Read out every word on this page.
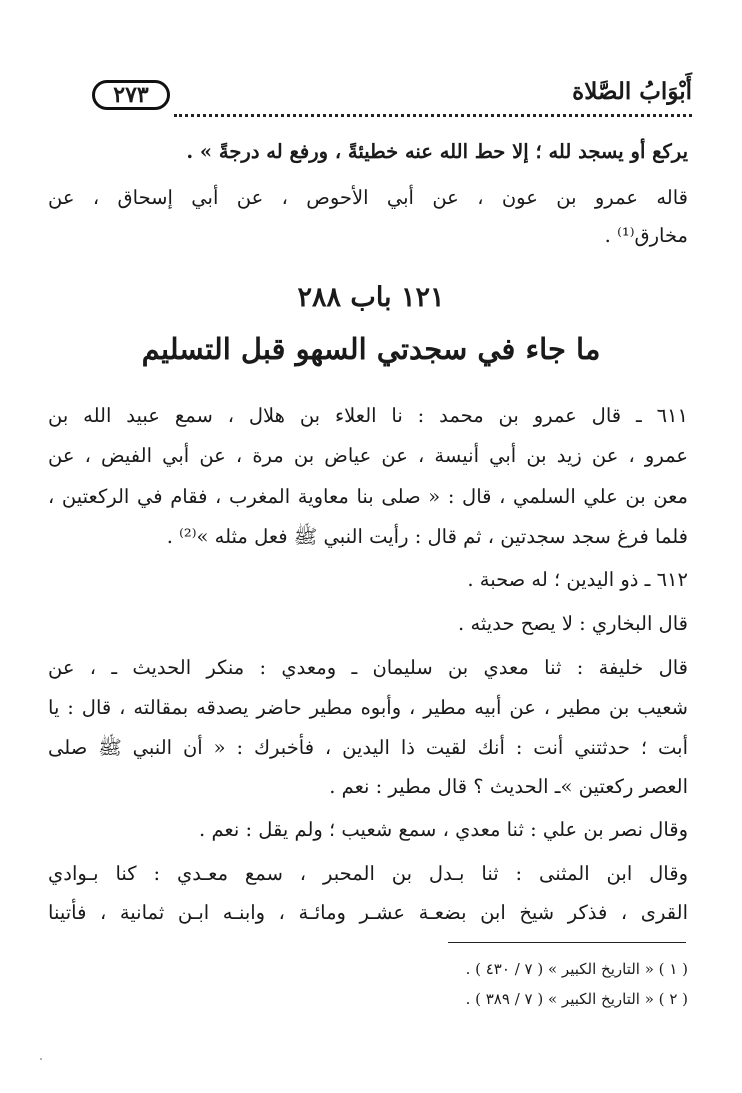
٢٧٣	أَبْوَابُ الصَّلاة
يركع أو يسجد لله ؛ إلا حط الله عنه خطيئةً ، ورفع له درجةً » .
قاله عمرو بن عون ، عن أبي الأحوص ، عن أبي إسحاق ، عن
مخارق⁽¹⁾ .
١٢١ باب ٢٨٨
ما جاء في سجدتي السهو قبل التسليم
٦١١ ـ قال عمرو بن محمد : نا العلاء بن هلال ، سمع عبيد الله بن
عمرو ، عن زيد بن أبي أنيسة ، عن عياض بن مرة ، عن أبي الفيض ، عن
معن بن علي السلمي ، قال : « صلى بنا معاوية المغرب ، فقام في الركعتين ،
فلما فرغ سجد سجدتين ، ثم قال : رأيت النبي ﷺ فعل مثله »⁽²⁾ .
٦١٢ ـ ذو اليدين ؛ له صحبة .
قال البخاري : لا يصح حديثه .
قال خليفة : ثنا معدي بن سليمان ـ ومعدي : منكر الحديث ـ ، عن
شعيب بن مطير ، عن أبيه مطير ، وأبوه مطير حاضر يصدقه بمقالته ، قال : يا
أبت ؛ حدثتني أنت : أنك لقيت ذا اليدين ، فأخبرك : « أن النبي ﷺ صلى
العصر ركعتين »ـ الحديث ؟ قال مطير : نعم .
وقال نصر بن علي : ثنا معدي ، سمع شعيب ؛ ولم يقل : نعم .
وقال ابن المثنى : ثنا بـدل بن المحبر ، سمع معـدي : كنا بـوادي
القرى ، فذكر شيخ ابن بضعـة عشـر ومائـة ، وابنـه ابـن ثمانية ، فأتينا
( ١ ) « التاريخ الكبير » ( ٧ / ٤٣٠ ) .
( ٢ ) « التاريخ الكبير » ( ٧ / ٣٨٩ ) .
